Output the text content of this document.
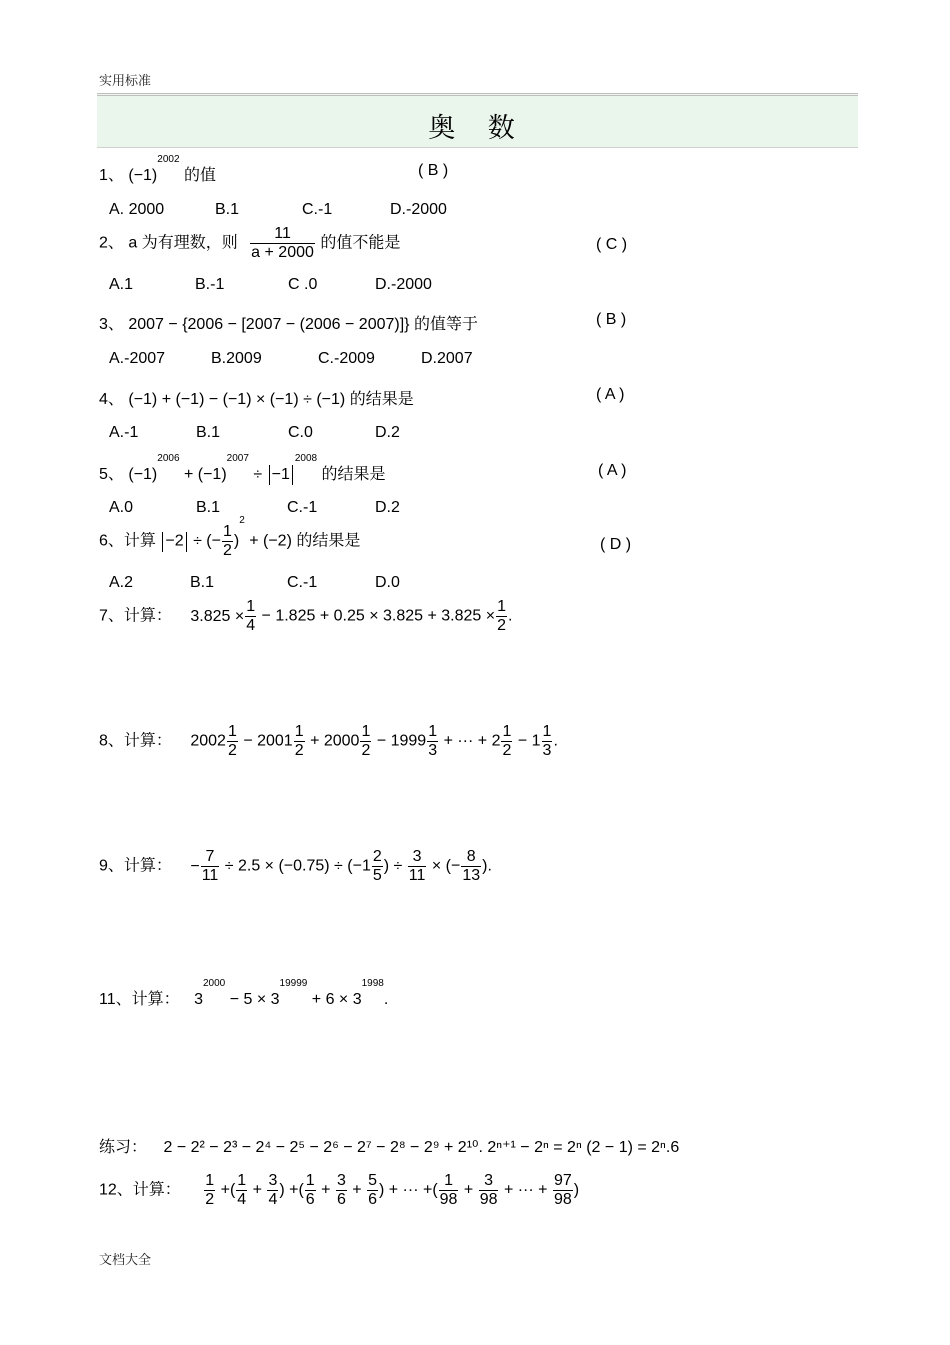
实用标准
奥 数
1、 $(-1)^{2002}$ 的值	( B )
A. 2000	B.1	C.-1	D.-2000
2、 a 为有理数，则 $\frac{11}{a + 2000}$ 的值不能是	( C )
A.1	B.-1	C .0	D.-2000
3、 2007 − {2006 − [2007 − (2006 − 2007)]} 的值等于	( B )
A.-2007	B.2009	C.-2009	D.2007
4、 (−1) + (−1) − (−1) × (−1) ÷ (−1) 的结果是	( A )
A.-1	B.1	C.0	D.2
5、 $(-1)^{2006} + (-1)^{2007} \div -1^{2008}$ 的结果是	( A )
A.0	B.1	C.-1	D.2
6、计算 −2 ÷ (− $\frac{1}{2} )^2 + (-2)$ 的结果是	( D )
A.2	B.1	C.-1	D.0
7、计算： $3.825 \times \frac{1}{4} - 1.825 + 0.25 \times 3.825 + 3.825 \times \frac{1}{2}$ .
8、计算： $2002 \frac{1}{2} - 2001 \frac{1}{2} + 2000 \frac{1}{2} - 1999 \frac{1}{3}$ + ··· + $2 \frac{1}{2} - 1 \frac{1}{3}$ .
9、计算： − $\frac{7}{11} \div 2.5 \times (-0.75) \div (-1 \frac{2}{5}$ ) ÷ $\frac{3}{11}$ × (− $\frac{8}{13}$ ).
11、计算： $3^{2000} - 5 \times 3^{19999} + 6 \times 3^{1998}$.
练习： 2 − 2² − 2³ − 2⁴ − 2⁵ − 2⁶ − 2⁷ − 2⁸ − 2⁹ + 2¹⁰. 2ⁿ⁺¹ − 2ⁿ = 2ⁿ (2 − 1) = 2ⁿ.6
12、计算： $\frac{1}{2}$ +( $\frac{1}{4} + \frac{3}{4}$ ) +( $\frac{1}{6} + \frac{3}{6} + \frac{5}{6}$ ) + ··· +( $\frac{1}{98} + \frac{3}{98}$ + ··· + $\frac{97}{98}$ )
文档大全
